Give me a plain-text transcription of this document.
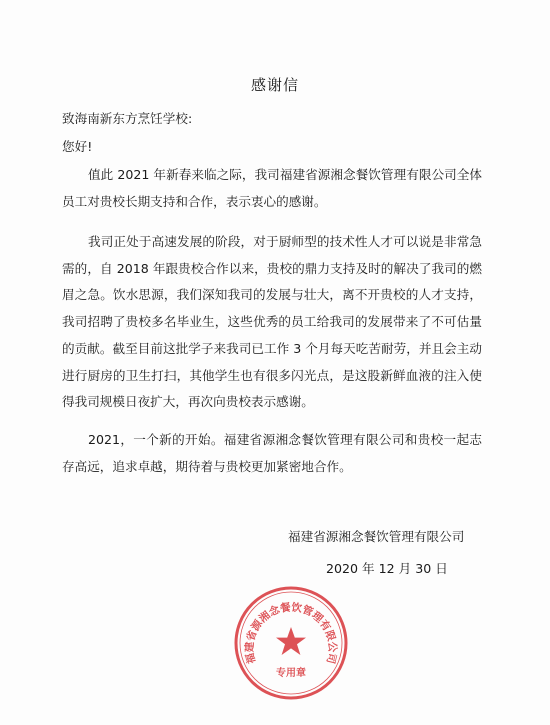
感谢信
致海南新东方烹饪学校:
您好!
值此 2021 年新春来临之际，我司福建省源湘念餐饮管理有限公司全体员工对贵校长期支持和合作，表示衷心的感谢。
我司正处于高速发展的阶段，对于厨师型的技术性人才可以说是非常急需的，自 2018 年跟贵校合作以来，贵校的鼎力支持及时的解决了我司的燃眉之急。饮水思源，我们深知我司的发展与壮大，离不开贵校的人才支持，我司招聘了贵校多名毕业生，这些优秀的员工给我司的发展带来了不可估量的贡献。截至目前这批学子来我司已工作 3 个月每天吃苦耐劳，并且会主动进行厨房的卫生打扫，其他学生也有很多闪光点，是这股新鲜血液的注入使得我司规模日夜扩大，再次向贵校表示感谢。
2021，一个新的开始。福建省源湘念餐饮管理有限公司和贵校一起志存高远，追求卓越，期待着与贵校更加紧密地合作。
福建省源湘念餐饮管理有限公司
2020 年 12 月 30 日
福建省源湘念餐饮管理有限公司
专用章
